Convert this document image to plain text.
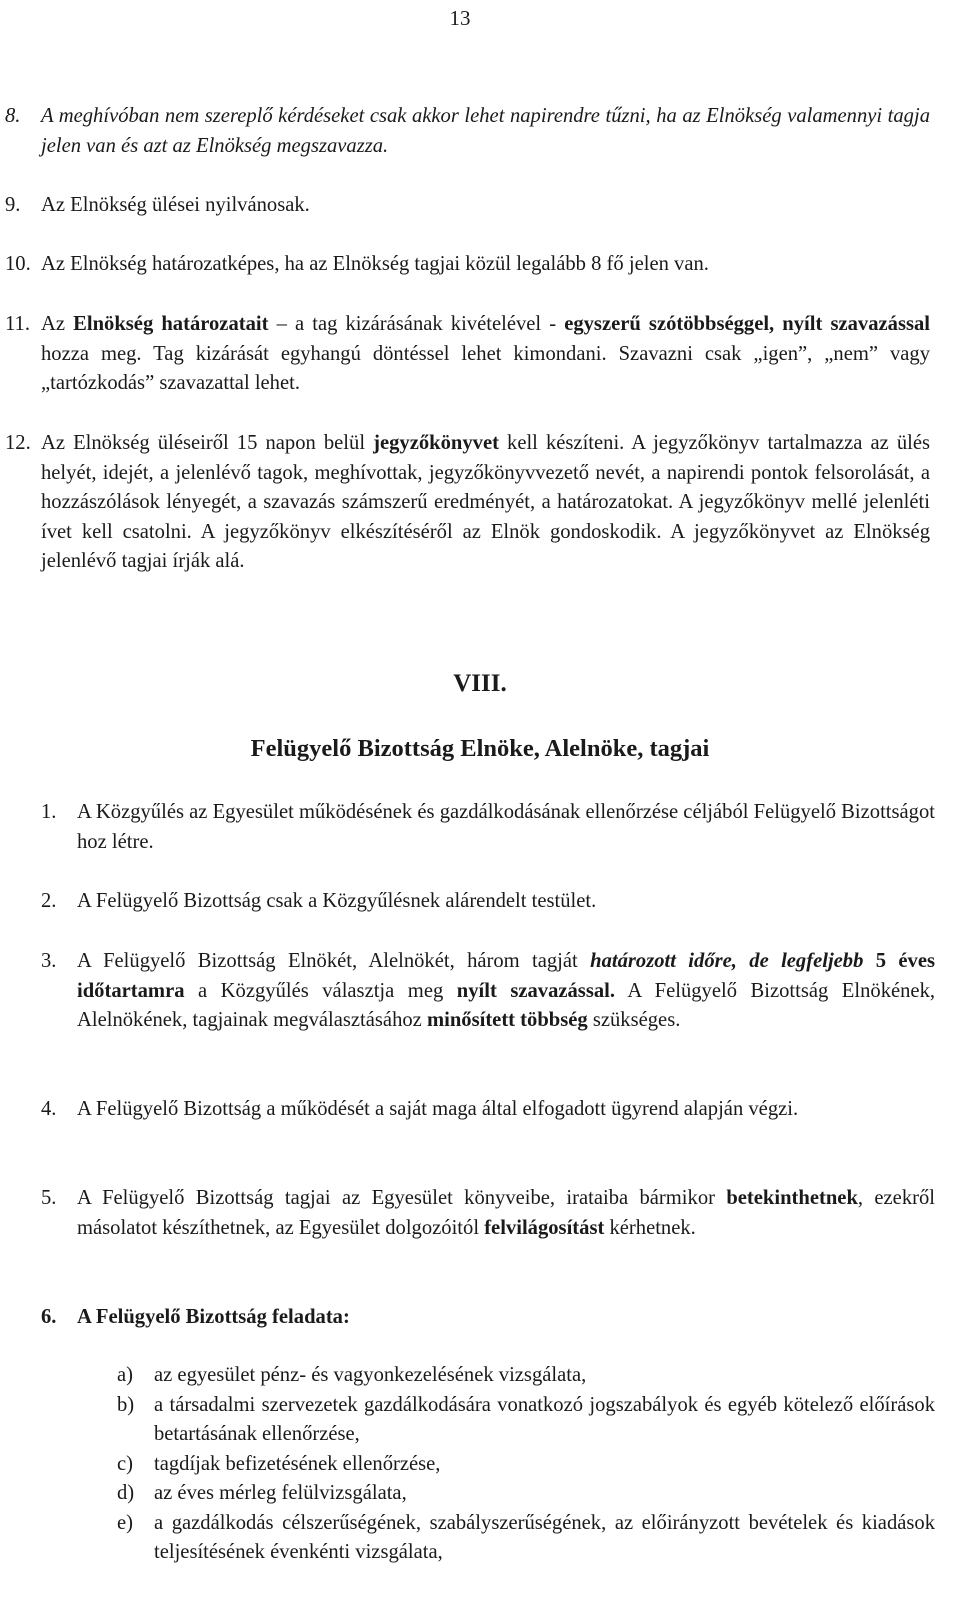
13
8. A meghívóban nem szereplő kérdéseket csak akkor lehet napirendre tűzni, ha az Elnökség valamennyi tagja jelen van és azt az Elnökség megszavazza.
9. Az Elnökség ülései nyilvánosak.
10. Az Elnökség határozatképes, ha az Elnökség tagjai közül legalább 8 fő jelen van.
11. Az Elnökség határozatait – a tag kizárásának kivételével - egyszerű szótöbbséggel, nyílt szavazással hozza meg. Tag kizárását egyhangú döntéssel lehet kimondani. Szavazni csak „igen”, „nem” vagy „tartózkodás” szavazattal lehet.
12. Az Elnökség üléseiről 15 napon belül jegyzőkönyvet kell készíteni. A jegyzőkönyv tartalmazza az ülés helyét, idejét, a jelenlévő tagok, meghívottak, jegyzőkönyvvezető nevét, a napirendi pontok felsorolását, a hozzászólások lényegét, a szavazás számszerű eredményét, a határozatokat. A jegyzőkönyv mellé jelenléti ívet kell csatolni. A jegyzőkönyv elkészítéséről az Elnök gondoskodik. A jegyzőkönyvet az Elnökség jelenlévő tagjai írják alá.
VIII.
Felügyelő Bizottság Elnöke, Alelnöke, tagjai
1. A Közgyűlés az Egyesület működésének és gazdálkodásának ellenőrzése céljából Felügyelő Bizottságot hoz létre.
2. A Felügyelő Bizottság csak a Közgyűlésnek alárendelt testület.
3. A Felügyelő Bizottság Elnökét, Alelnökét, három tagját határozott időre, de legfeljebb 5 éves időtartamra a Közgyűlés választja meg nyílt szavazással. A Felügyelő Bizottság Elnökének, Alelnökének, tagjainak megválasztásához minősített többség szükséges.
4. A Felügyelő Bizottság a működését a saját maga által elfogadott ügyrend alapján végzi.
5. A Felügyelő Bizottság tagjai az Egyesület könyveibe, irataiba bármikor betekinthetnek, ezekről másolatot készíthetnek, az Egyesület dolgozóitól felvilágosítást kérhetnek.
6. A Felügyelő Bizottság feladata:
a)	az egyesület pénz- és vagyonkezelésének vizsgálata,
b) a társadalmi szervezetek gazdálkodására vonatkozó jogszabályok és egyéb kötelező előírások betartásának ellenőrzése,
c)	tagdíjak befizetésének ellenőrzése,
d) az éves mérleg felülvizsgálata,
e)	a gazdálkodás célszerűségének, szabályszerűségének, az előirányzott bevételek és kiadások teljesítésének évenkénti vizsgálata,
